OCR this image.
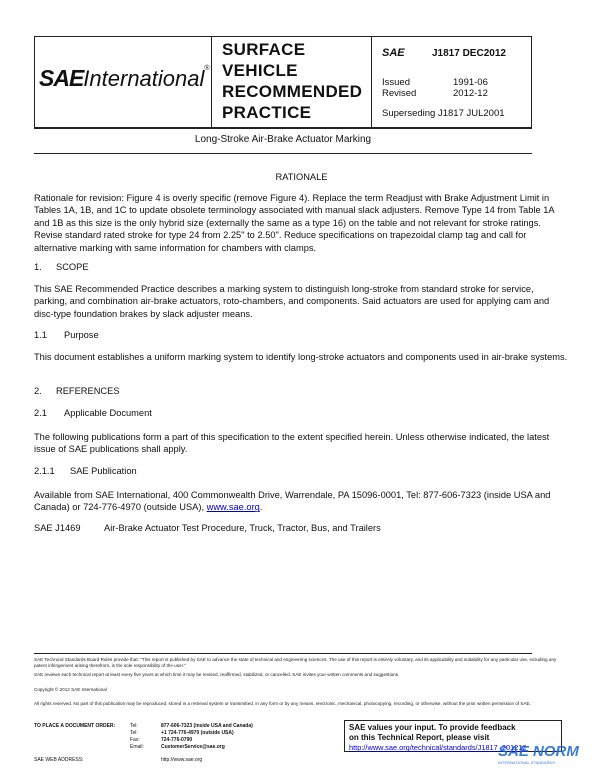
SAEInternational®
SURFACE
VEHICLE
RECOMMENDED
PRACTICE
SAE	J1817 DEC2012
Issued	1991-06
Revised	2012-12
Superseding J1817 JUL2001
Long-Stroke Air-Brake Actuator Marking
RATIONALE
Rationale for revision: Figure 4 is overly specific (remove Figure 4). Replace the term Readjust with Brake Adjustment Limit in Tables 1A, 1B, and 1C to update obsolete terminology associated with manual slack adjusters. Remove Type 14 from Table 1A and 1B as this size is the only hybrid size (externally the same as a type 16) on the table and not relevant for stroke ratings. Revise standard rated stroke for type 24 from 2.25" to 2.50". Reduce specifications on trapezoidal clamp tag and call for alternative marking with same information for chambers with clamps.
1. SCOPE
This SAE Recommended Practice describes a marking system to distinguish long-stroke from standard stroke for service, parking, and combination air-brake actuators, roto-chambers, and components. Said actuators are used for applying cam and disc-type foundation brakes by slack adjuster means.
1.1 Purpose
This document establishes a uniform marking system to identify long-stroke actuators and components used in air-brake systems.
2. REFERENCES
2.1 Applicable Document
The following publications form a part of this specification to the extent specified herein. Unless otherwise indicated, the latest issue of SAE publications shall apply.
2.1.1 SAE Publication
Available from SAE International, 400 Commonwealth Drive, Warrendale, PA 15096-0001, Tel: 877-606-7323 (inside USA and Canada) or 724-776-4970 (outside USA), www.sae.org.
SAE J1469	Air-Brake Actuator Test Procedure, Truck, Tractor, Bus, and Trailers
SAE Technical Standards Board Rules provide that: "This report is published by SAE to advance the state of technical and engineering sciences. The use of this report is entirely voluntary, and its applicability and suitability for any particular use, including any patent infringement arising therefrom, is the sole responsibility of the user."
SAE reviews each technical report at least every five years at which time it may be revised, reaffirmed, stabilized, or cancelled. SAE invites your written comments and suggestions.
Copyright © 2012 SAE International
All rights reserved. No part of this publication may be reproduced, stored in a retrieval system or transmitted, in any form or by any means, electronic, mechanical, photocopying, recording, or otherwise, without the prior written permission of SAE.
TO PLACE A DOCUMENT ORDER:	Tel:	877-606-7323 (inside USA and Canada)
Tel:	+1 724-776-4970 (outside USA)
Fax:	724-776-0790
Email:	CustomerService@sae.org
SAE WEB ADDRESS:	http://www.sae.org
SAE values your input. To provide feedback
on this Technical Report, please visit
http://www.sae.org/technical/standards/J1817_201212
SAE NORM
INTERNATIONAL STANDARDS
